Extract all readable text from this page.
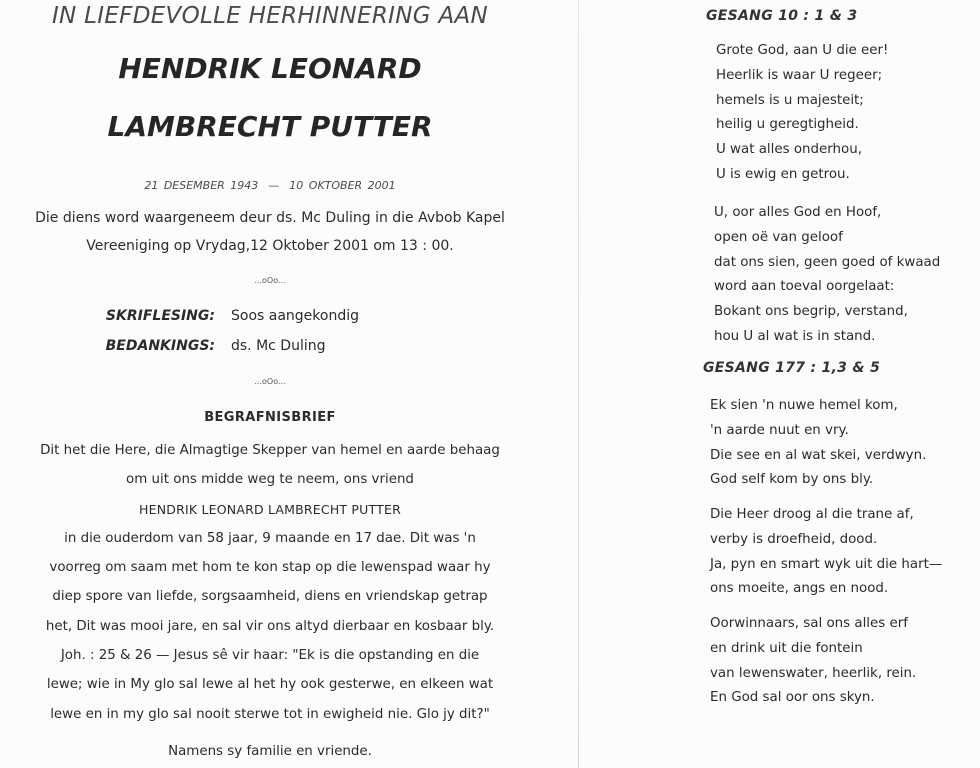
IN LIEFDEVOLLE HERHINNERING AAN
HENDRIK LEONARD
LAMBRECHT PUTTER
21 DESEMBER 1943 — 10 OKTOBER 2001
Die diens word waargeneem deur ds. Mc Duling in die Avbob Kapel
Vereeniging op Vrydag,12 Oktober 2001 om 13 : 00.
...oOo...
SKRIFLESING:	Soos aangekondig
BEDANKINGS:	ds. Mc Duling
...oOo...
BEGRAFNISBRIEF
Dit het die Here, die Almagtige Skepper van hemel en aarde behaag
om uit ons midde weg te neem, ons vriend
HENDRIK LEONARD LAMBRECHT PUTTER
in die ouderdom van 58 jaar, 9 maande en 17 dae. Dit was 'n
voorreg om saam met hom te kon stap op die lewenspad waar hy
diep spore van liefde, sorgsaamheid, diens en vriendskap getrap
het, Dit was mooi jare, en sal vir ons altyd dierbaar en kosbaar bly.
Joh. : 25 & 26 — Jesus sê vir haar: "Ek is die opstanding en die
lewe; wie in My glo sal lewe al het hy ook gesterwe, en elkeen wat
lewe en in my glo sal nooit sterwe tot in ewigheid nie. Glo jy dit?"
Namens sy familie en vriende.
GESANG 10 : 1 & 3
Grote God, aan U die eer!
Heerlik is waar U regeer;
hemels is u majesteit;
heilig u geregtigheid.
U wat alles onderhou,
U is ewig en getrou.
U, oor alles God en Hoof,
open oë van geloof
dat ons sien, geen goed of kwaad
word aan toeval oorgelaat:
Bokant ons begrip, verstand,
hou U al wat is in stand.
GESANG 177 : 1,3 & 5
Ek sien 'n nuwe hemel kom,
'n aarde nuut en vry.
Die see en al wat skei, verdwyn.
God self kom by ons bly.
Die Heer droog al die trane af,
verby is droefheid, dood.
Ja, pyn en smart wyk uit die hart—
ons moeite, angs en nood.
Oorwinnaars, sal ons alles erf
en drink uit die fontein
van lewenswater, heerlik, rein.
En God sal oor ons skyn.
